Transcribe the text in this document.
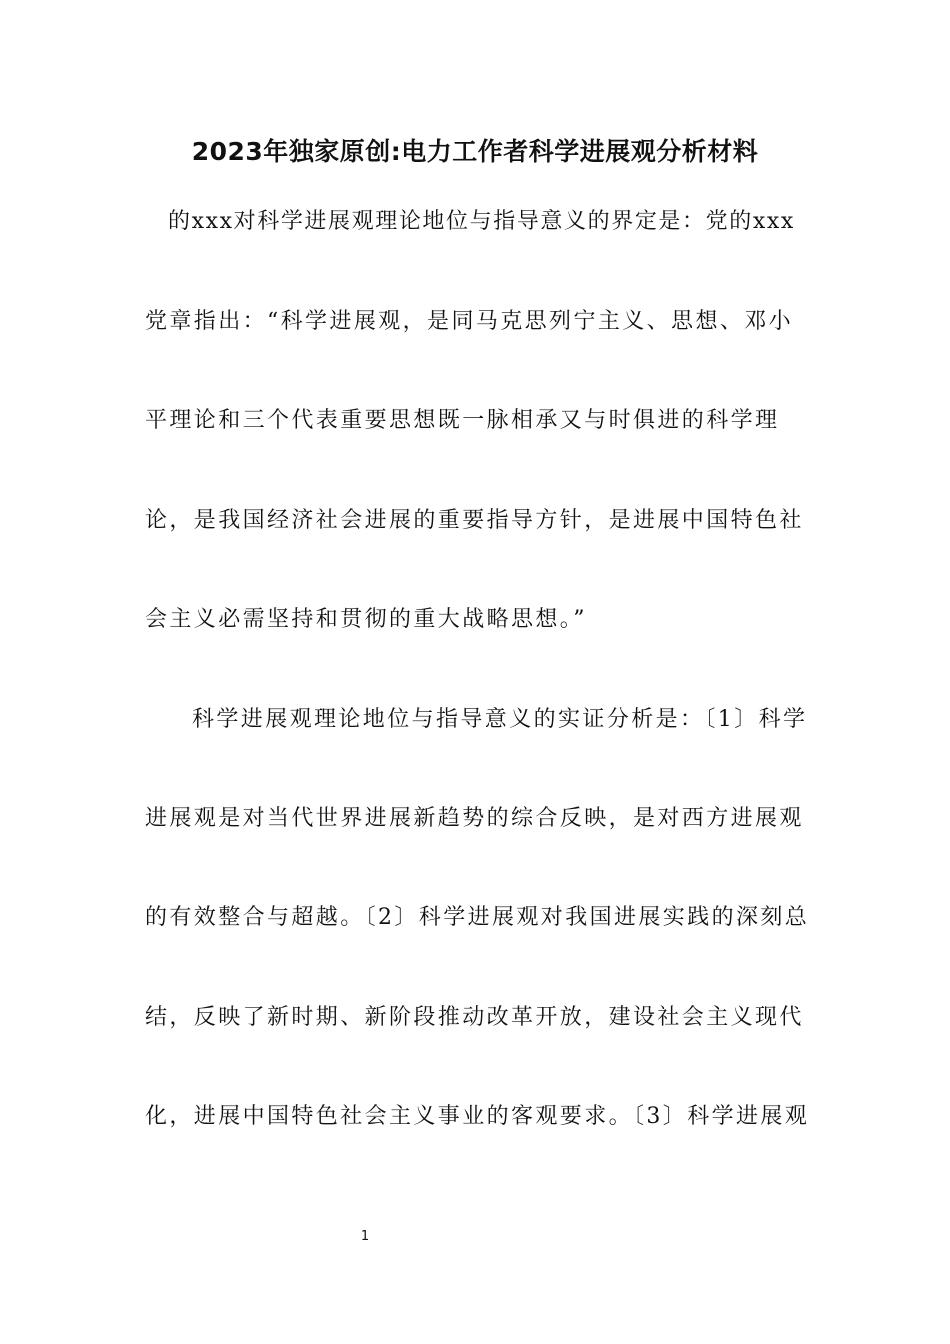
2023年独家原创:电力工作者科学进展观分析材料
的xxx对科学进展观理论地位与指导意义的界定是：党的xxx
党章指出：“科学进展观，是同马克思列宁主义、思想、邓小
平理论和三个代表重要思想既一脉相承又与时俱进的科学理
论，是我国经济社会进展的重要指导方针，是进展中国特色社
会主义必需坚持和贯彻的重大战略思想。”
科学进展观理论地位与指导意义的实证分析是：〔1〕科学
进展观是对当代世界进展新趋势的综合反映，是对西方进展观
的有效整合与超越。〔2〕科学进展观对我国进展实践的深刻总
结，反映了新时期、新阶段推动改革开放，建设社会主义现代
化，进展中国特色社会主义事业的客观要求。〔3〕科学进展观
1
